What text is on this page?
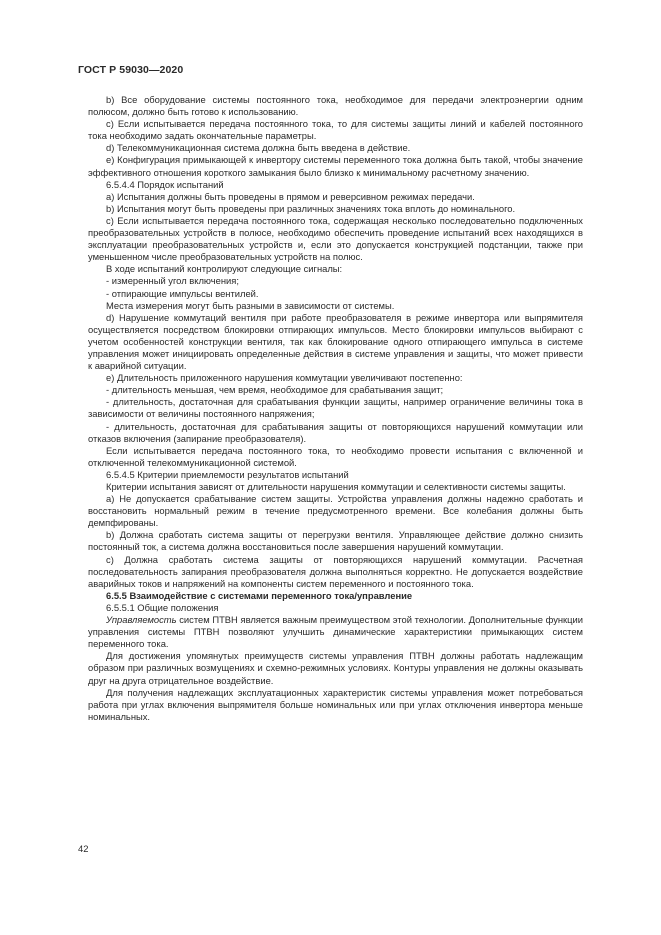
ГОСТ Р 59030—2020

b) Все оборудование системы постоянного тока, необходимое для передачи электроэнергии одним полюсом, должно быть готово к использованию.

c) Если испытывается передача постоянного тока, то для системы защиты линий и кабелей постоянного тока необходимо задать окончательные параметры.

d) Телекоммуникационная система должна быть введена в действие.

e) Конфигурация примыкающей к инвертору системы переменного тока должна быть такой, чтобы значение эффективного отношения короткого замыкания было близко к минимальному расчетному значению.

6.5.4.4 Порядок испытаний

a) Испытания должны быть проведены в прямом и реверсивном режимах передачи.

b) Испытания могут быть проведены при различных значениях тока вплоть до номинального.

c) Если испытывается передача постоянного тока, содержащая несколько последовательно подключенных преобразовательных устройств в полюсе, необходимо обеспечить проведение испытаний всех находящихся в эксплуатации преобразовательных устройств и, если это допускается конструкцией подстанции, также при уменьшенном числе преобразовательных устройств на полюс.

В ходе испытаний контролируют следующие сигналы:

- измеренный угол включения;

- отпирающие импульсы вентилей.

Места измерения могут быть разными в зависимости от системы.

d) Нарушение коммутаций вентиля при работе преобразователя в режиме инвертора или выпрямителя осуществляется посредством блокировки отпирающих импульсов. Место блокировки импульсов выбирают с учетом особенностей конструкции вентиля, так как блокирование одного отпирающего импульса в системе управления может инициировать определенные действия в системе управления и защиты, что может привести к аварийной ситуации.

e) Длительность приложенного нарушения коммутации увеличивают постепенно:

- длительность меньшая, чем время, необходимое для срабатывания защит;

- длительность, достаточная для срабатывания функции защиты, например ограничение величины тока в зависимости от величины постоянного напряжения;

- длительность, достаточная для срабатывания защиты от повторяющихся нарушений коммутации или отказов включения (запирание преобразователя).

Если испытывается передача постоянного тока, то необходимо провести испытания с включенной и отключенной телекоммуникационной системой.

6.5.4.5 Критерии приемлемости результатов испытаний

Критерии испытания зависят от длительности нарушения коммутации и селективности системы защиты.

a) Не допускается срабатывание систем защиты. Устройства управления должны надежно сработать и восстановить нормальный режим в течение предусмотренного времени. Все колебания должны быть демпфированы.

b) Должна сработать система защиты от перегрузки вентиля. Управляющее действие должно снизить постоянный ток, а система должна восстановиться после завершения нарушений коммутации.

c) Должна сработать система защиты от повторяющихся нарушений коммутации. Расчетная последовательность запирания преобразователя должна выполняться корректно. Не допускается воздействие аварийных токов и напряжений на компоненты систем переменного и постоянного тока.

6.5.5 Взаимодействие с системами переменного тока/управление

6.5.5.1 Общие положения

Управляемость систем ПТВН является важным преимуществом этой технологии. Дополнительные функции управления системы ПТВН позволяют улучшить динамические характеристики примыкающих систем переменного тока.

Для достижения упомянутых преимуществ системы управления ПТВН должны работать надлежащим образом при различных возмущениях и схемно-режимных условиях. Контуры управления не должны оказывать друг на друга отрицательное воздействие.

Для получения надлежащих эксплуатационных характеристик системы управления может потребоваться работа при углах включения выпрямителя больше номинальных или при углах отключения инвертора меньше номинальных.

42
